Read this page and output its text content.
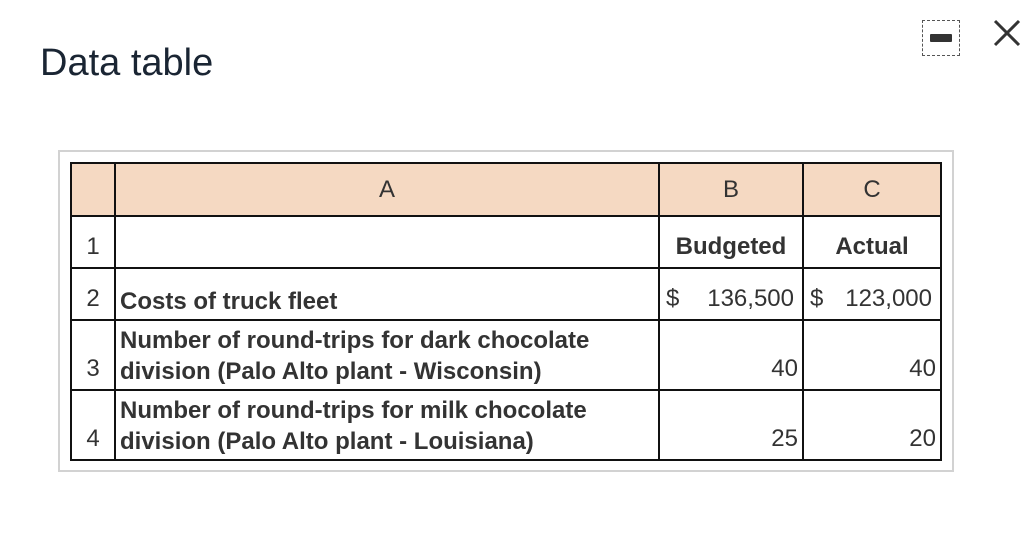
Data table
	A	B	C
1		Budgeted	Actual
2	Costs of truck fleet	$ 136,500	$ 123,000

3	Number of round-trips for dark chocolate
division (Palo Alto plant - Wisconsin)	40	40
4	Number of round-trips for milk chocolate
division (Palo Alto plant - Louisiana)	25	20
